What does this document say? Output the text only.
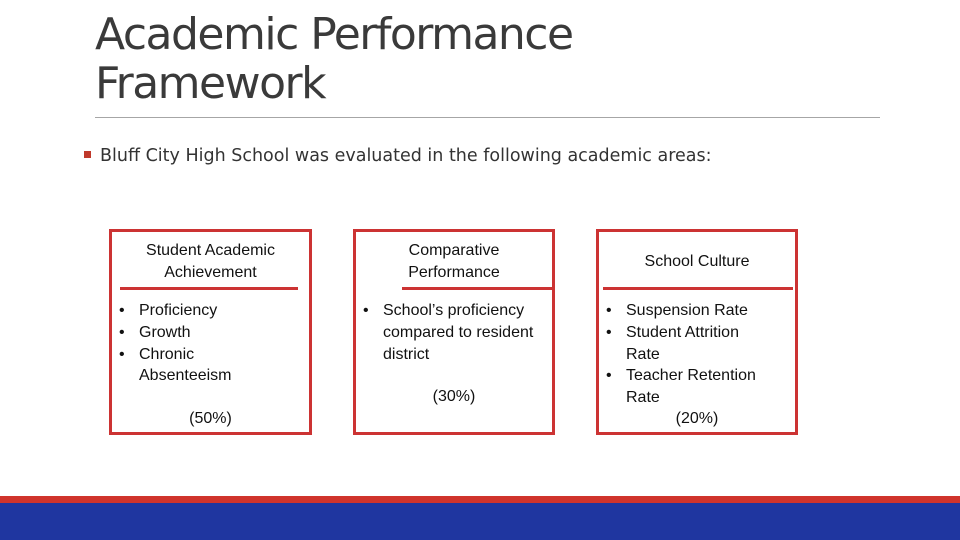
Academic Performance
Framework

Bluff City High School was evaluated in the following academic areas:

Student Academic
Achievement
• Proficiency
• Growth
• Chronic Absenteeism
(50%)
Comparative
Performance
• School’s proficiency compared to resident district
(30%)
School Culture
• Suspension Rate
• Student Attrition Rate
• Teacher Retention Rate
(20%)
